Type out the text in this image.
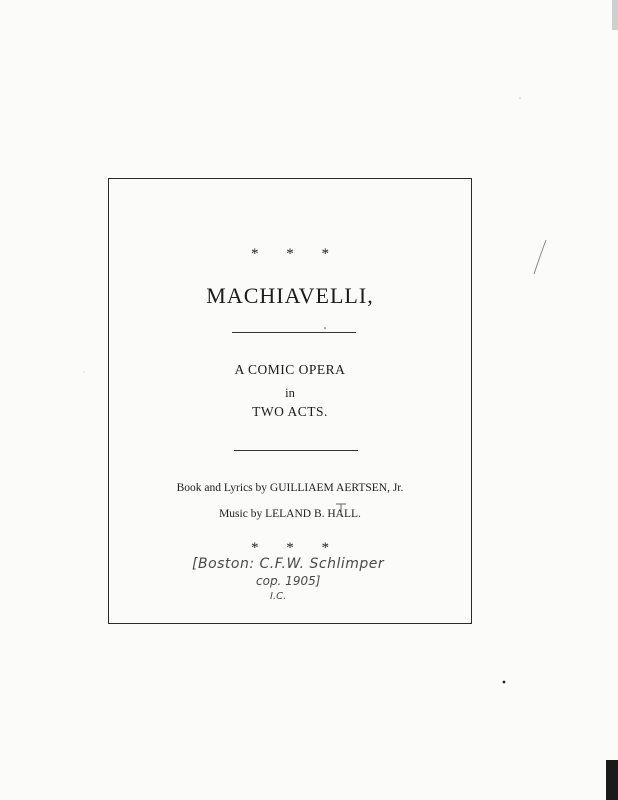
* * *
MACHIAVELLI,
A COMIC OPERA
in
TWO ACTS.
Book and Lyrics by GUILLIAEM AERTSEN, Jr.
Music by LELAND B. HALL.
* * *
[Boston: C.F.W. Schlimper
cop. 1905]
I.C.
